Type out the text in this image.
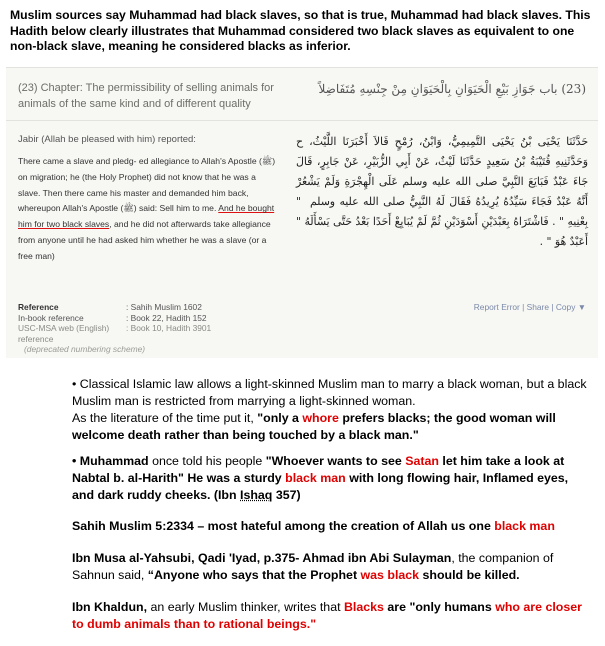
Muslim sources say Muhammad had black slaves, so that is true, Muhammad had black slaves. This Hadith below clearly illustrates that Muhammad considered two black slaves as equivalent to one non-black slave, meaning he considered blacks as inferior.
(23) Chapter: The permissibility of selling animals for animals of the same kind and of different quality
(23) باب جَوَازِ بَيْعِ الْحَيَوَانِ بِالْحَيَوَانِ مِنْ جِنْسِهِ مُتَفَاضِلاً
Jabir (Allah be pleased with him) reported:
There came a slave and pledg- ed allegiance to Allah's Apostle (ﷺ) on migration; he (the Holy Prophet) did not know that he was a slave. Then there came his master and demanded him back, whereupon Allah's Apostle (ﷺ) said: Sell him to me. And he bought him for two black slaves, and he did not afterwards take allegiance from anyone until he had asked him whether he was a slave (or a free man)
حَدَّثَنَا يَحْيَى بْنُ يَحْيَى التَّمِيمِيُّ، وَابْنُ، رُمْحٍ قَالاَ أَخْبَرَنَا اللَّيْثُ، ح وَحَدَّثَنِيهِ قُتَيْبَةُ بْنُ سَعِيدٍ حَدَّثَنَا لَيْثٌ، عَنْ أَبِي الزُّبَيْرِ، عَنْ جَابِرٍ، قَالَ جَاءَ عَبْدٌ فَبَايَعَ النَّبِيَّ صلى الله عليه وسلم عَلَى الْهِجْرَةِ وَلَمْ يَشْعُرْ أَنَّهُ عَبْدٌ فَجَاءَ سَيِّدُهُ يُرِيدُهُ فَقَالَ لَهُ النَّبِيُّ صلى الله عليه وسلم ‏ "‏ بِعْنِيهِ ‏"‏ ‏.‏ فَاشْتَرَاهُ بِعَبْدَيْنِ أَسْوَدَيْنِ ثُمَّ لَمْ يُبَايِعْ أَحَدًا بَعْدُ حَتَّى يَسْأَلَهُ ‏"‏ أَعَبْدٌ هُوَ ‏"‏ ‏.‏
Reference	: Sahih Muslim 1602
In-book reference	: Book 22, Hadith 152
USC-MSA web (English) reference
: Book 10, Hadith 3901
(deprecated numbering scheme)
Report Error | Share | Copy ▼
• Classical Islamic law allows a light-skinned Muslim man to marry a black woman, but a black Muslim man is restricted from marrying a light-skinned woman.
As the literature of the time put it, "only a whore prefers blacks; the good woman will welcome death rather than being touched by a black man."
• Muhammad once told his people "Whoever wants to see Satan let him take a look at Nabtal b. al-Harith" He was a sturdy black man with long flowing hair, Inflamed eyes, and dark ruddy cheeks. (Ibn Ishaq 357)
Sahih Muslim 5:2334 – most hateful among the creation of Allah us one black man
Ibn Musa al-Yahsubi, Qadi 'Iyad, p.375- Ahmad ibn Abi Sulayman, the companion of Sahnun said, “Anyone who says that the Prophet was black should be killed.
Ibn Khaldun, an early Muslim thinker, writes that Blacks are "only humans who are closer to dumb animals than to rational beings."
